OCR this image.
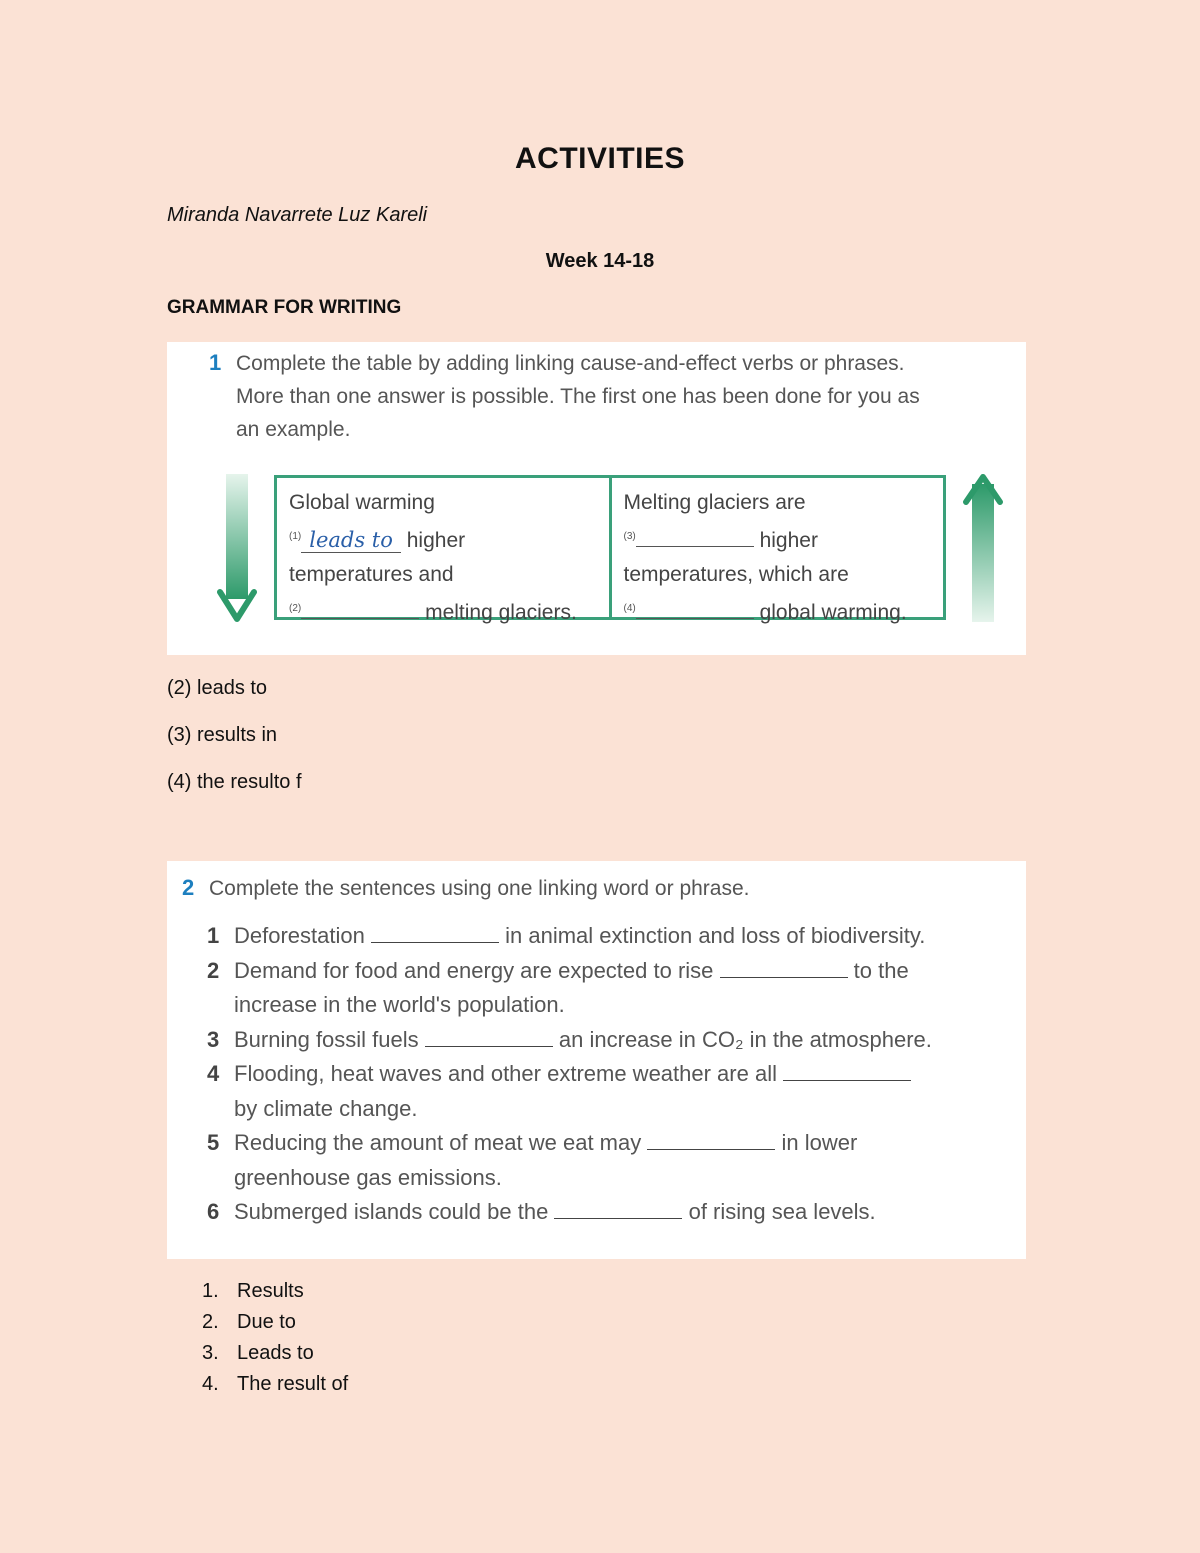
ACTIVITIES
Miranda Navarrete Luz Kareli
Week 14-18
GRAMMAR FOR WRITING
1 Complete the table by adding linking cause-and-effect verbs or phrases.
More than one answer is possible. The first one has been done for you as
an example.
Global warming
$^{(1)}$ leads to higher
temperatures and
$^{(2)}$	melting glaciers.
Melting glaciers are
$^{(3)}$	higher
temperatures, which are
$^{(4)}$	global warming.
(2) leads to
(3) results in
(4) the resulto f
2 Complete the sentences using one linking word or phrase.
1 Deforestation	in animal extinction and loss of biodiversity.
2 Demand for food and energy are expected to rise	to the
increase in the world's population.
3 Burning fossil fuels	an increase in CO₂ in the atmosphere.
4 Flooding, heat waves and other extreme weather are all
by climate change.
5 Reducing the amount of meat we eat may	in lower
greenhouse gas emissions.
6 Submerged islands could be the	of rising sea levels.
1. Results
2. Due to
3. Leads to
4. The result of
